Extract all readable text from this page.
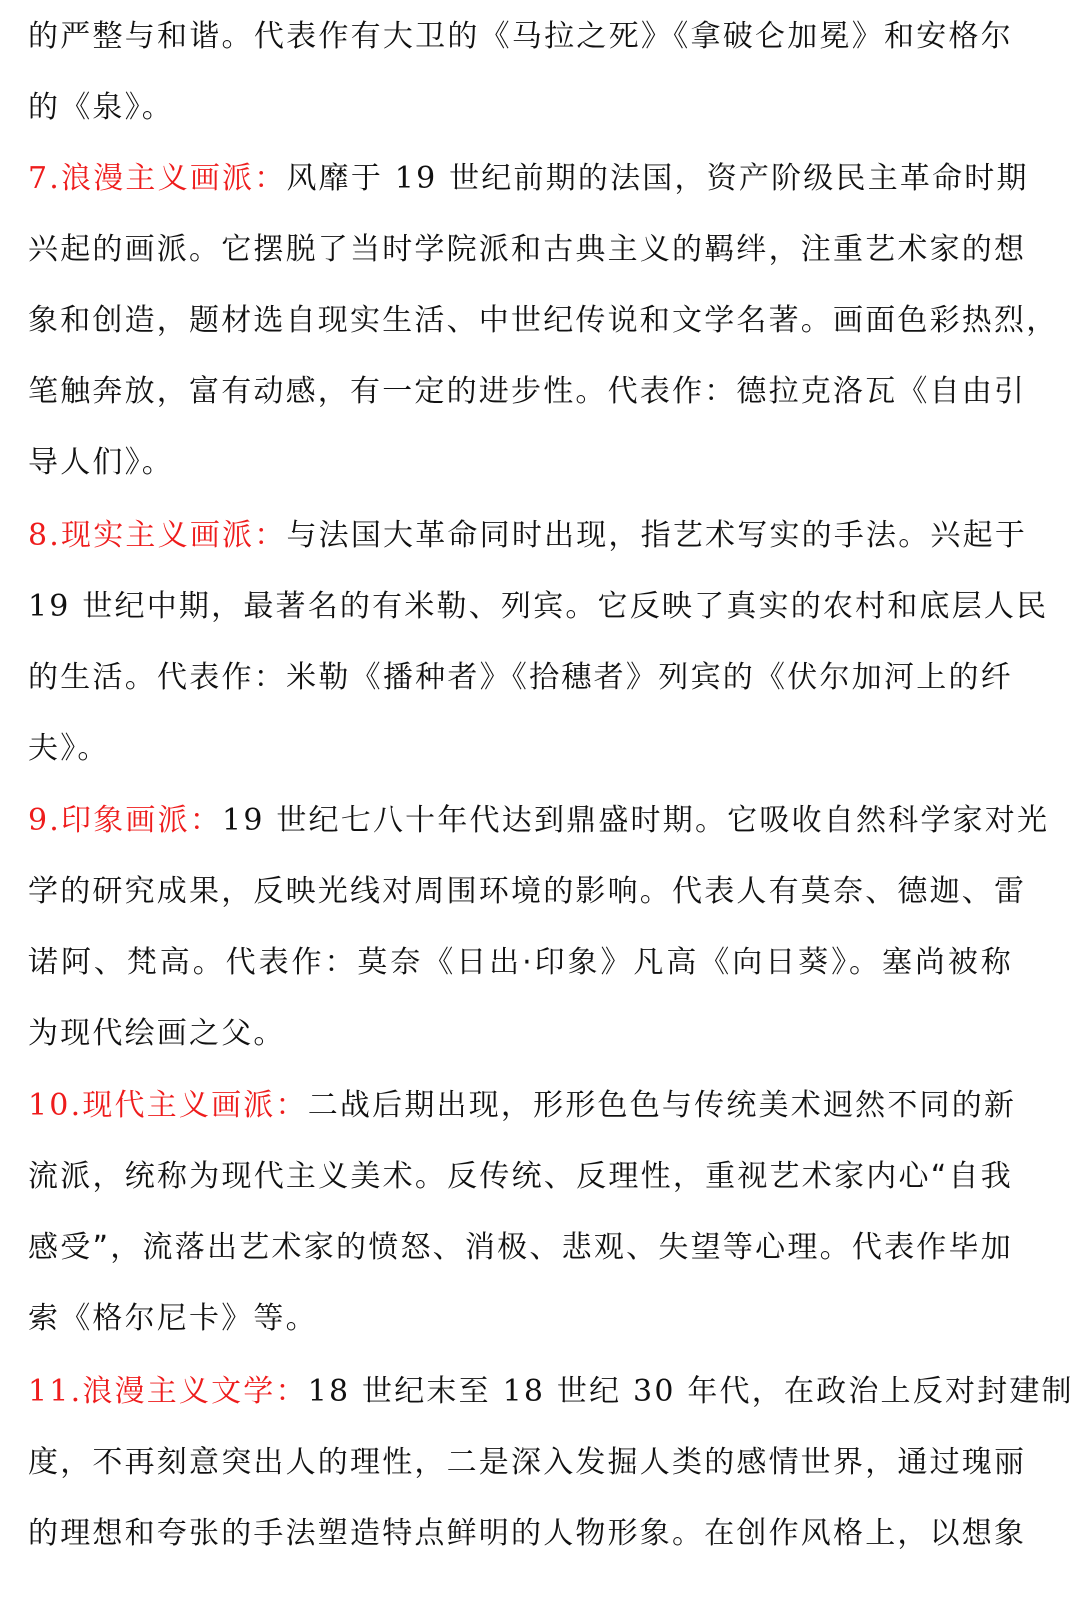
的严整与和谐。代表作有大卫的《马拉之死》《拿破仑加冕》和安格尔
的《泉》。
7.浪漫主义画派：风靡于 19 世纪前期的法国，资产阶级民主革命时期
兴起的画派。它摆脱了当时学院派和古典主义的羁绊，注重艺术家的想
象和创造，题材选自现实生活、中世纪传说和文学名著。画面色彩热烈，
笔触奔放，富有动感，有一定的进步性。代表作：德拉克洛瓦《自由引
导人们》。
8.现实主义画派：与法国大革命同时出现，指艺术写实的手法。兴起于
19 世纪中期，最著名的有米勒、列宾。它反映了真实的农村和底层人民
的生活。代表作：米勒《播种者》《拾穗者》列宾的《伏尔加河上的纤
夫》。
9.印象画派：19 世纪七八十年代达到鼎盛时期。它吸收自然科学家对光
学的研究成果，反映光线对周围环境的影响。代表人有莫奈、德迦、雷
诺阿、梵高。代表作：莫奈《日出·印象》凡高《向日葵》。塞尚被称
为现代绘画之父。
10.现代主义画派：二战后期出现，形形色色与传统美术迥然不同的新
流派，统称为现代主义美术。反传统、反理性，重视艺术家内心“自我
感受”，流落出艺术家的愤怒、消极、悲观、失望等心理。代表作毕加
索《格尔尼卡》等。
11.浪漫主义文学：18 世纪末至 18 世纪 30 年代，在政治上反对封建制
度，不再刻意突出人的理性，二是深入发掘人类的感情世界，通过瑰丽
的理想和夸张的手法塑造特点鲜明的人物形象。在创作风格上，以想象
